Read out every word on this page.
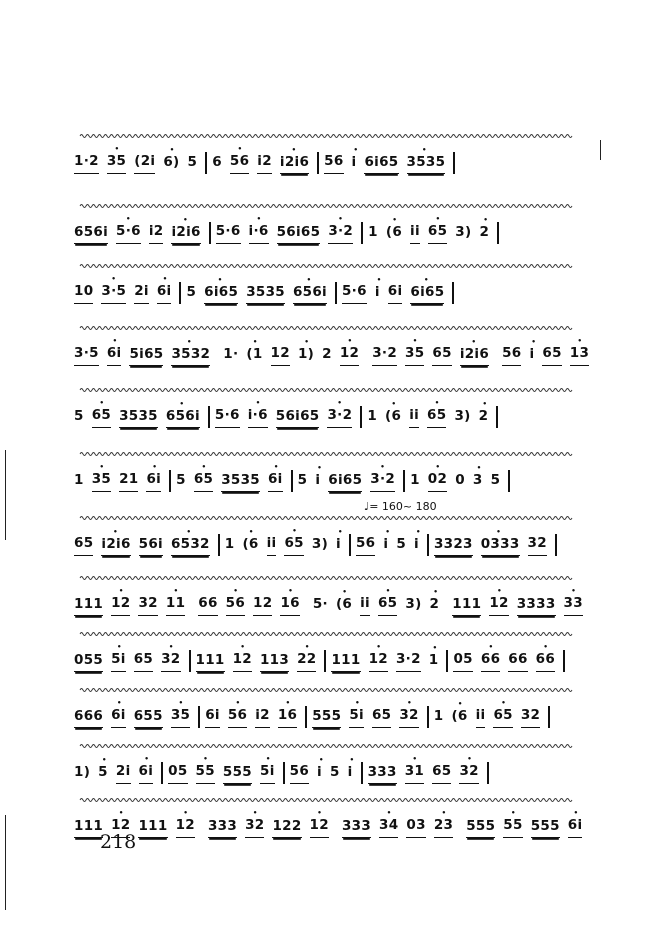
1·2 • 35 (2i • 6) 5 6 • 56 i2 • i2i6 56 • i 6i65 • 3535
656i • 5·6 i2 • i2i6 5·6 • i·6 56i65 • 3·2 1 • (6 ii • 65 3) • 2
10 • 3·5 2i • 6i 5 • 6i65 3535 • 656i 5·6 • i 6i • 6i65
3·5 • 6i 5i65 • 3532 1· • (1 12 • 1) 2 • 12 3·2 • 35 65 • i2i6 56 • i 65 • 13
5 • 65 3535 • 656i 5·6 • i·6 56i65 • 3·2 1 • (6 ii • 65 3) • 2
1 • 35 21 • 6i 5 • 65 3535 • 6i 5 • i 6i65 • 3·2 1 • 02 0 • 3 5
65 • i2i6 56i • 6532 1 • (6 ii • 65 3) • i 56 • i 5 • i 3323 • 0333 32
111 • 12 32 • 11 66 • 56 12 • 16 5· • (6 ii • 65 3) • 2 111 • 12 3333 • 33
055 • 5i 65 • 32 111 • 12 113 • 22 111 • 12 3·2 • 1 05 • 66 66 • 66
666 • 6i 655 • 35 6i • 56 i2 • 16 555 • 5i 65 • 32 1 • (6 ii • 65 32
1) • 5 2i • 6i 05 • 55 555 • 5i 56 • i 5 • i 333 • 31 65 • 32
111 • 12 111 • 12 333 • 32 122 • 12 333 • 34 03 • 23 555 • 55 555 • 6i
♩= 160~ 180
218
